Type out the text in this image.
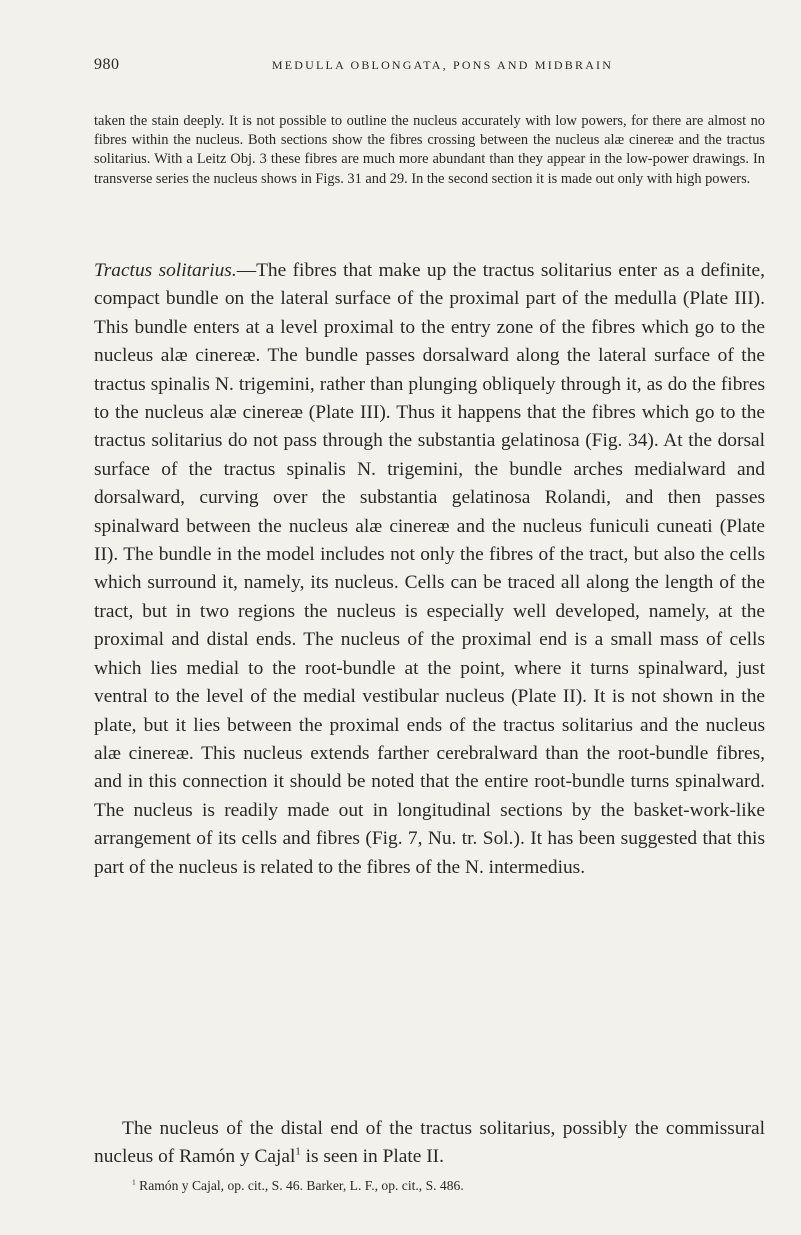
980	MEDULLA OBLONGATA, PONS AND MIDBRAIN

taken the stain deeply. It is not possible to outline the nucleus accurately with low powers, for there are almost no fibres within the nucleus. Both sections show the fibres crossing between the nucleus alæ cinereæ and the tractus solitarius. With a Leitz Obj. 3 these fibres are much more abundant than they appear in the low-power drawings. In transverse series the nucleus shows in Figs. 31 and 29. In the second section it is made out only with high powers.

Tractus solitarius.—The fibres that make up the tractus solitarius enter as a definite, compact bundle on the lateral surface of the proximal part of the medulla (Plate III). This bundle enters at a level proximal to the entry zone of the fibres which go to the nucleus alæ cinereæ. The bundle passes dorsalward along the lateral surface of the tractus spinalis N. trigemini, rather than plunging obliquely through it, as do the fibres to the nucleus alæ cinereæ (Plate III). Thus it happens that the fibres which go to the tractus solitarius do not pass through the substantia gelatinosa (Fig. 34). At the dorsal surface of the tractus spinalis N. trigemini, the bundle arches medialward and dorsalward, curving over the substantia gelatinosa Rolandi, and then passes spinalward between the nucleus alæ cinereæ and the nucleus funiculi cuneati (Plate II). The bundle in the model includes not only the fibres of the tract, but also the cells which surround it, namely, its nucleus. Cells can be traced all along the length of the tract, but in two regions the nucleus is especially well developed, namely, at the proximal and distal ends. The nucleus of the proximal end is a small mass of cells which lies medial to the root-bundle at the point, where it turns spinalward, just ventral to the level of the medial vestibular nucleus (Plate II). It is not shown in the plate, but it lies between the proximal ends of the tractus solitarius and the nucleus alæ cinereæ. This nucleus extends farther cerebralward than the root-bundle fibres, and in this connection it should be noted that the entire root-bundle turns spinalward. The nucleus is readily made out in longitudinal sections by the basket-work-like arrangement of its cells and fibres (Fig. 7, Nu. tr. Sol.). It has been suggested that this part of the nucleus is related to the fibres of the N. intermedius.

The nucleus of the distal end of the tractus solitarius, possibly the commissural nucleus of Ramón y Cajal$^1$ is seen in Plate II.

$^1$ Ramón y Cajal, op. cit., S. 46. Barker, L. F., op. cit., S. 486.
